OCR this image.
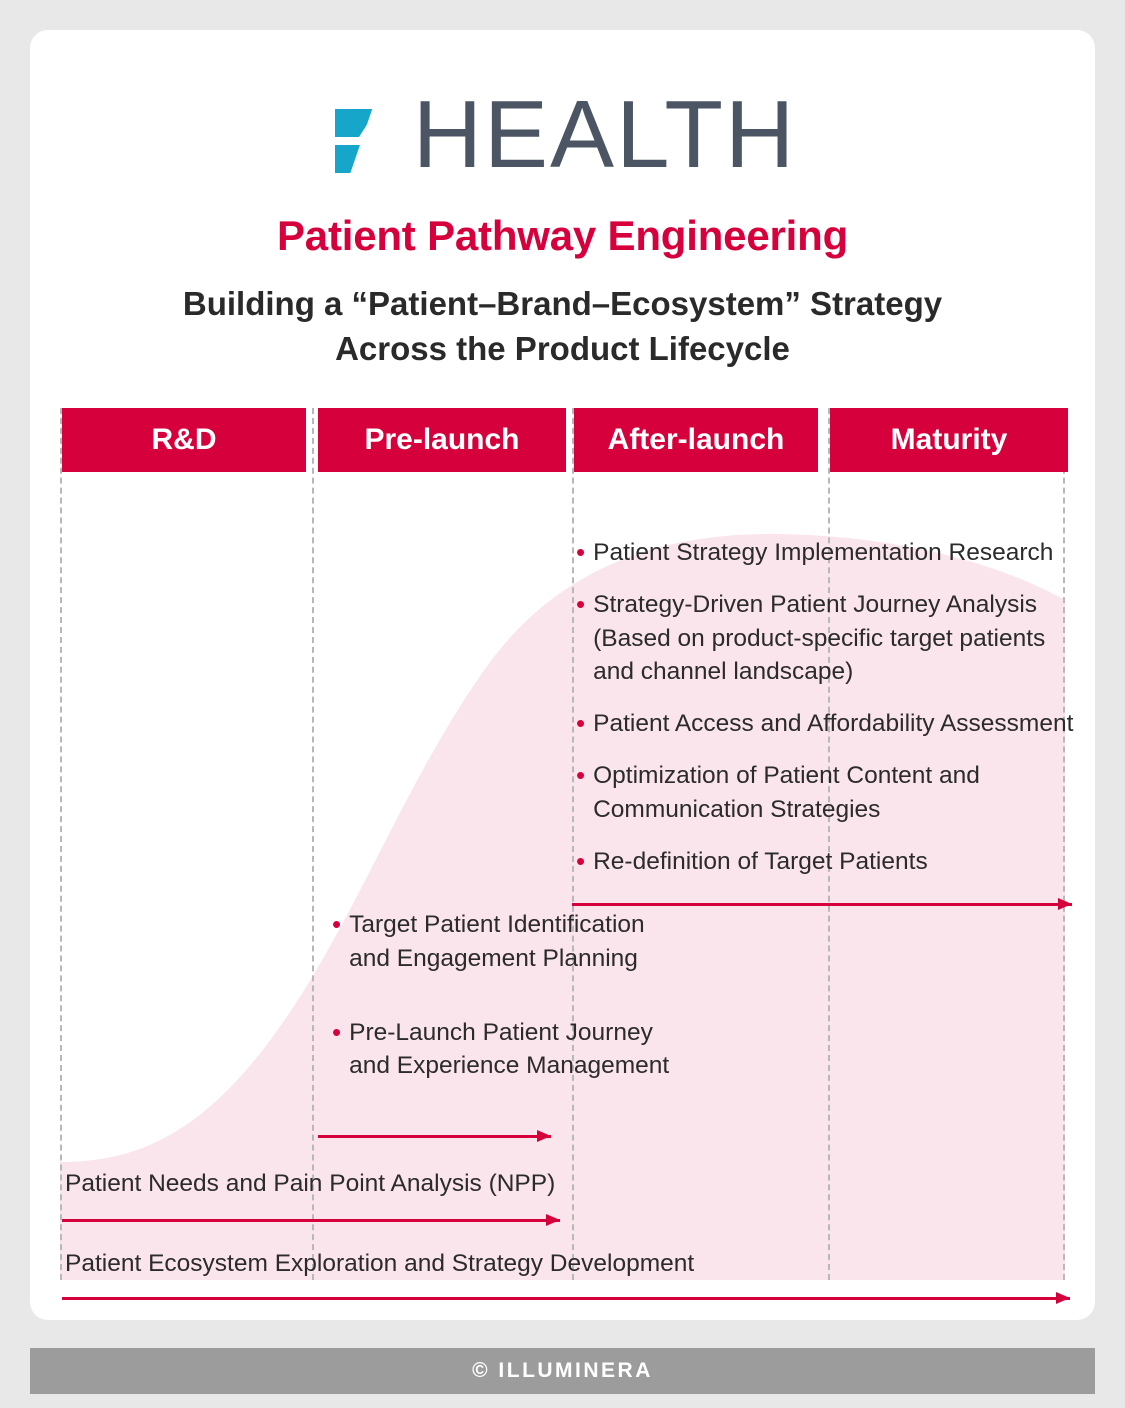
HEALTH
Patient Pathway Engineering
Building a “Patient–Brand–Ecosystem” Strategy
Across the Product Lifecycle
R&D	Pre-launch	After-launch	Maturity
• Patient Strategy Implementation Research
• Strategy-Driven Patient Journey Analysis
(Based on product-specific target patients
and channel landscape)
• Patient Access and Affordability Assessment
• Optimization of Patient Content and
Communication Strategies
• Re-definition of Target Patients
• Target Patient Identification
and Engagement Planning
• Pre-Launch Patient Journey
and Experience Management
Patient Needs and Pain Point Analysis (NPP)
Patient Ecosystem Exploration and Strategy Development
© ILLUMINERA
